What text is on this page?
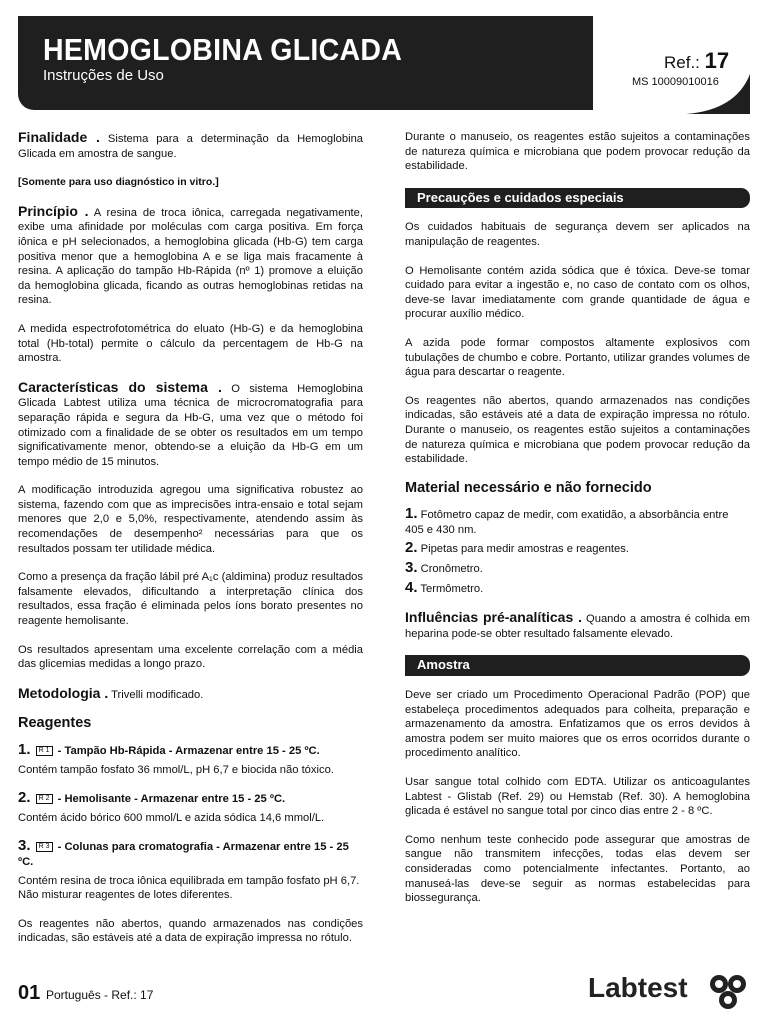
HEMOGLOBINA GLICADA
Instruções de Uso
Ref.: 17
MS 10009010016

Finalidade . Sistema para a determinação da Hemoglobina Glicada em amostra de sangue.

[Somente para uso diagnóstico in vitro.]

Princípio . A resina de troca iônica, carregada negativamente, exibe uma afinidade por moléculas com carga positiva. Em força iônica e pH selecionados, a hemoglobina glicada (Hb-G) tem carga positiva menor que a hemoglobina A e se liga mais fracamente à resina. A aplicação do tampão Hb-Rápida (nº 1) promove a eluição da hemoglobina glicada, ficando as outras hemoglobinas retidas na resina.

A medida espectrofotométrica do eluato (Hb-G) e da hemoglobina total (Hb-total) permite o cálculo da percentagem de Hb-G na amostra.

Características do sistema . O sistema Hemoglobina Glicada Labtest utiliza uma técnica de microcromatografia para separação rápida e segura da Hb-G, uma vez que o método foi otimizado com a finalidade de se obter os resultados em um tempo significativamente menor, obtendo-se a eluição da Hb-G em um tempo médio de 15 minutos.

A modificação introduzida agregou uma significativa robustez ao sistema, fazendo com que as imprecisões intra-ensaio e total sejam menores que 2,0 e 5,0%, respectivamente, atendendo assim às recomendações de desempenho² necessárias para que os resultados possam ter utilidade médica.

Como a presença da fração lábil pré A₁c (aldimina) produz resultados falsamente elevados, dificultando a interpretação clínica dos resultados, essa fração é eliminada pelos íons borato presentes no reagente hemolisante.

Os resultados apresentam uma excelente correlação com a média das glicemias medidas a longo prazo.

Metodologia . Trivelli modificado.

Reagentes
1. R 1 - Tampão Hb-Rápida - Armazenar entre 15 - 25 ºC.

Contém tampão fosfato 36 mmol/L, pH 6,7 e biocida não tóxico.

2. R 2 - Hemolisante - Armazenar entre 15 - 25 ºC.

Contém ácido bórico 600 mmol/L e azida sódica 14,6 mmol/L.

3. R 3 - Colunas para cromatografia - Armazenar entre 15 - 25 ºC.
Contém resina de troca iônica equilibrada em tampão fosfato pH 6,7.

Não misturar reagentes de lotes diferentes.

Os reagentes não abertos, quando armazenados nas condições indicadas, são estáveis até a data de expiração impressa no rótulo.

Durante o manuseio, os reagentes estão sujeitos a contaminações de natureza química e microbiana que podem provocar redução da estabilidade.

Precauções e cuidados especiais

Os cuidados habituais de segurança devem ser aplicados na manipulação de reagentes.

O Hemolisante contém azida sódica que é tóxica. Deve-se tomar cuidado para evitar a ingestão e, no caso de contato com os olhos, deve-se lavar imediatamente com grande quantidade de água e procurar auxílio médico.

A azida pode formar compostos altamente explosivos com tubulações de chumbo e cobre. Portanto, utilizar grandes volumes de água para descartar o reagente.

Os reagentes não abertos, quando armazenados nas condições indicadas, são estáveis até a data de expiração impressa no rótulo. Durante o manuseio, os reagentes estão sujeitos a contaminações de natureza química e microbiana que podem provocar redução da estabilidade.

Material necessário e não fornecido
1. Fotômetro capaz de medir, com exatidão, a absorbância entre 405 e 430 nm.
2. Pipetas para medir amostras e reagentes.
3. Cronômetro.
4. Termômetro.

Influências pré-analíticas . Quando a amostra é colhida em heparina pode-se obter resultado falsamente elevado.

Amostra

Deve ser criado um Procedimento Operacional Padrão (POP) que estabeleça procedimentos adequados para colheita, preparação e armazenamento da amostra. Enfatizamos que os erros devidos à amostra podem ser muito maiores que os erros ocorridos durante o procedimento analítico.

Usar sangue total colhido com EDTA. Utilizar os anticoagulantes Labtest - Glistab (Ref. 29) ou Hemstab (Ref. 30). A hemoglobina glicada é estável no sangue total por cinco dias entre 2 - 8 ºC.

Como nenhum teste conhecido pode assegurar que amostras de sangue não transmitem infecções, todas elas devem ser consideradas como potencialmente infectantes. Portanto, ao manuseá-las deve-se seguir as normas estabelecidas para biossegurança.

01 Português - Ref.: 17	Labtest
